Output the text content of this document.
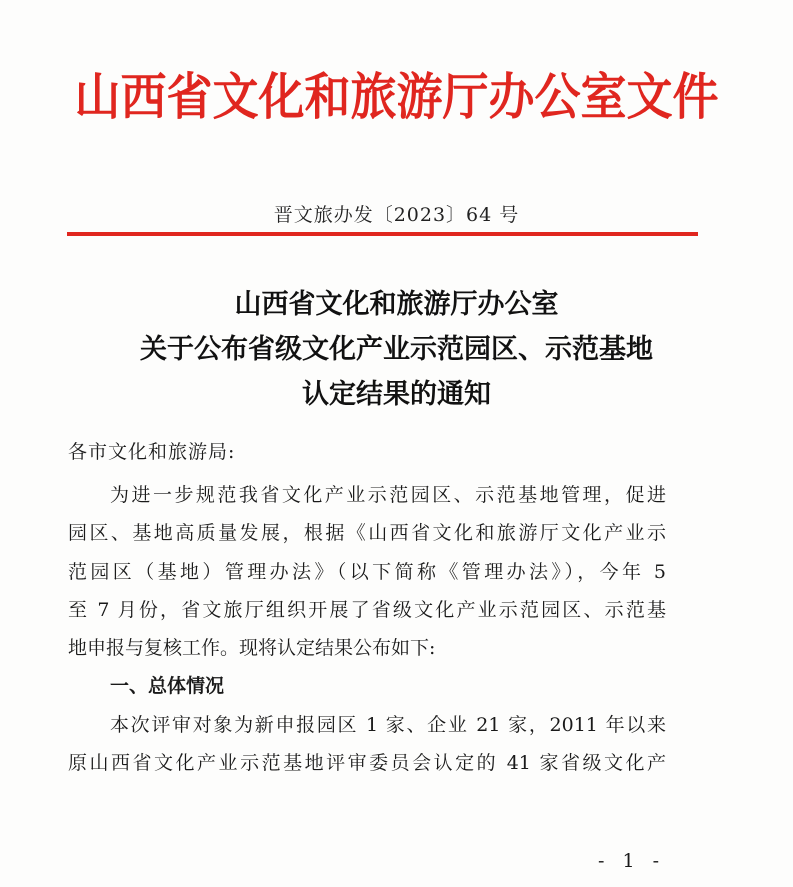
山西省文化和旅游厅办公室文件
晋文旅办发〔2023〕64 号
山西省文化和旅游厅办公室
关于公布省级文化产业示范园区、示范基地
认定结果的通知
各市文化和旅游局:
为进一步规范我省文化产业示范园区、示范基地管理，促进
园区、基地高质量发展，根据《山西省文化和旅游厅文化产业示
范园区（基地）管理办法》（以下简称《管理办法》），今年 5
至 7 月份，省文旅厅组织开展了省级文化产业示范园区、示范基
地申报与复核工作。现将认定结果公布如下:
一、总体情况
本次评审对象为新申报园区 1 家、企业 21 家，2011 年以来
原山西省文化产业示范基地评审委员会认定的 41 家省级文化产
- 1 -
